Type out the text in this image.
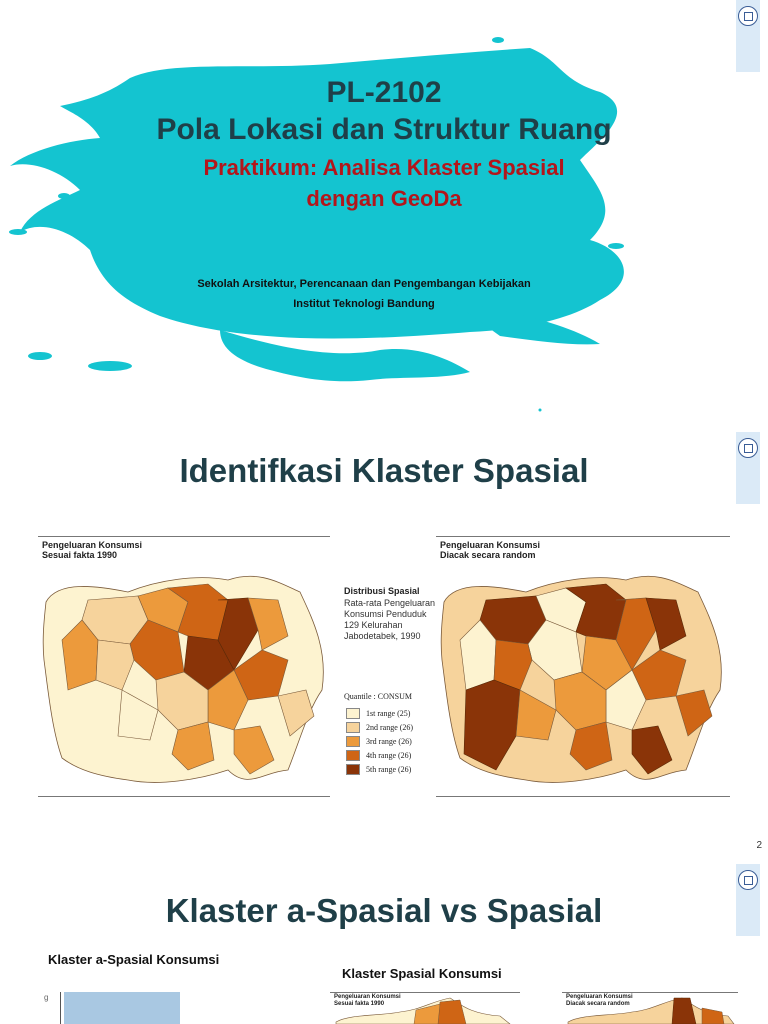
PL-2102
Pola Lokasi dan Struktur Ruang
Praktikum: Analisa Klaster Spasial
dengan GeoDa
Sekolah Arsitektur, Perencanaan dan Pengembangan Kebijakan
Institut Teknologi Bandung
Identifkasi Klaster Spasial
Pengeluaran Konsumsi
Sesuai fakta 1990
Distribusi Spasial
Rata-rata Pengeluaran
Konsumsi Penduduk
129 Kelurahan
Jabodetabek, 1990
Quantile : CONSUM
1st range (25)
2nd range (26)
3rd range (26)
4th range (26)
5th range (26)
Pengeluaran Konsumsi
Diacak secara random
2
Klaster a-Spasial vs Spasial
Klaster a-Spasial Konsumsi
Klaster Spasial Konsumsi
g	Pengeluaran Konsumsi
Sesuai fakta 1990
Pengeluaran Konsumsi
Diacak secara random
